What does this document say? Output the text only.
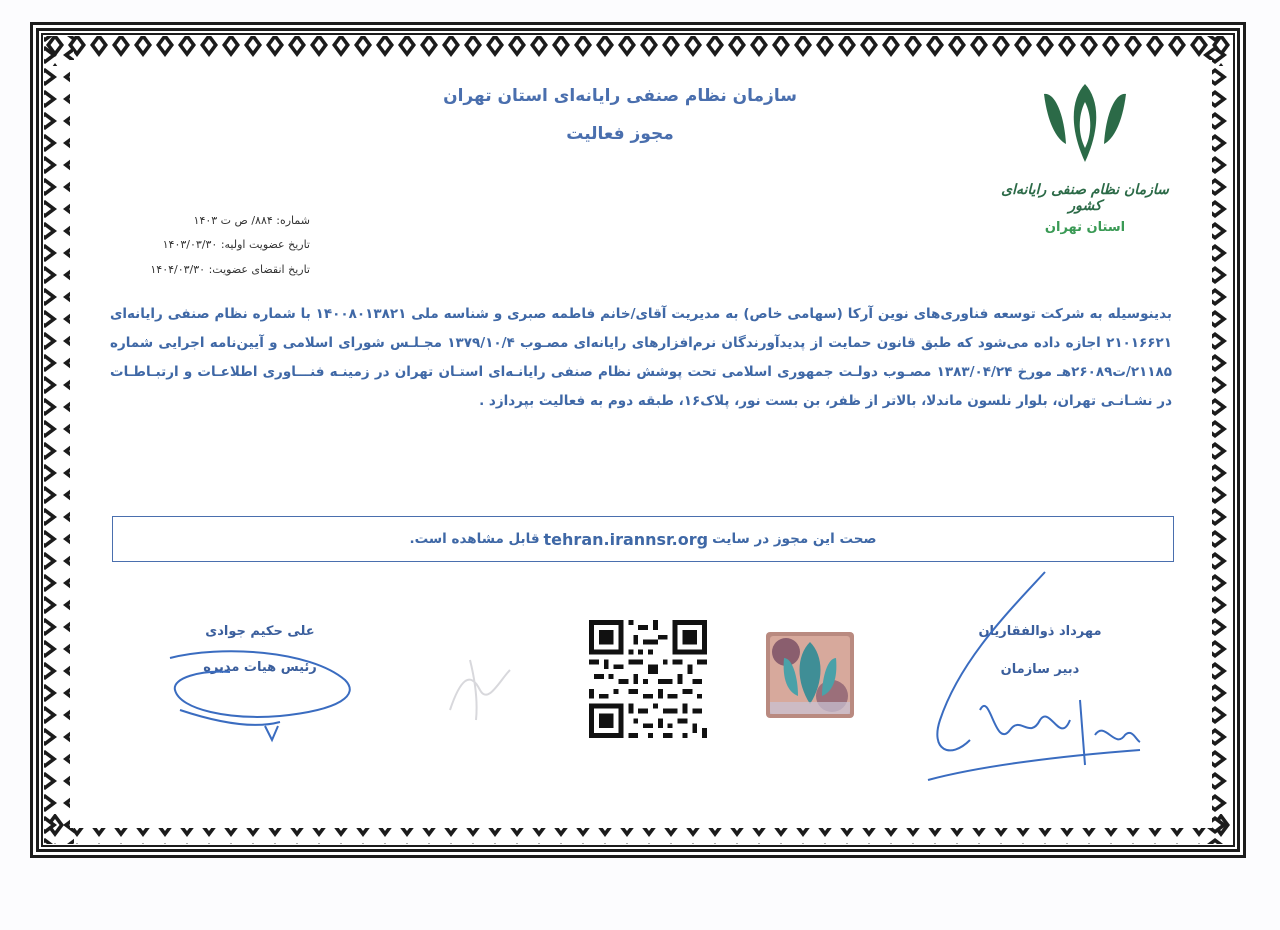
سازمان نظام صنفی رایانه‌ای استان تهران
مجوز فعالیت
سازمان نظام صنفی رایانه‌ای کشور
استان تهران
شماره: ۸۸۴/ ص ت ۱۴۰۳
تاریخ عضویت اولیه: ۱۴۰۳/۰۳/۳۰
تاریخ انقضای عضویت: ۱۴۰۴/۰۳/۳۰
بدینوسیله به شرکت توسعه فناوری‌های نوین آرکا (سهامی خاص) به مدیریت آقای/خانم فاطمه صبری و شناسه ملی ۱۴۰۰۸۰۱۳۸۲۱ با شماره نظام صنفی رایانه‌ای ۲۱۰۱۶۶۲۱ اجازه داده می‌شود که طبق قانون حمایت از پدیدآورندگان نرم‌افزارهای رایانه‌ای مصـوب ۱۳۷۹/۱۰/۴ مجـلـس شورای اسلامی و آیین‌نامه اجرایی شماره ۲۱۱۸۵/ت۲۶۰۸۹هـ مورخ ۱۳۸۳/۰۴/۲۴ مصـوب دولـت جمهوری اسلامی تحت پوشش نظام صنفی رایانـه‌ای استـان تهران در زمینـه فنـــاوری اطلاعـات و ارتبـاطـات در نشـانـی تهران، بلوار نلسون ماندلا، بالاتر از ظفر، بن بست نور، پلاک۱۶، طبقه دوم به فعالیت بپردازد .
صحت این مجوز در سایت
tehran.irannsr.org
قابل مشاهده است.
علی حکیم جوادی
رئیس هیات مدیره
مهرداد ذوالفقاریان
دبیر سازمان
